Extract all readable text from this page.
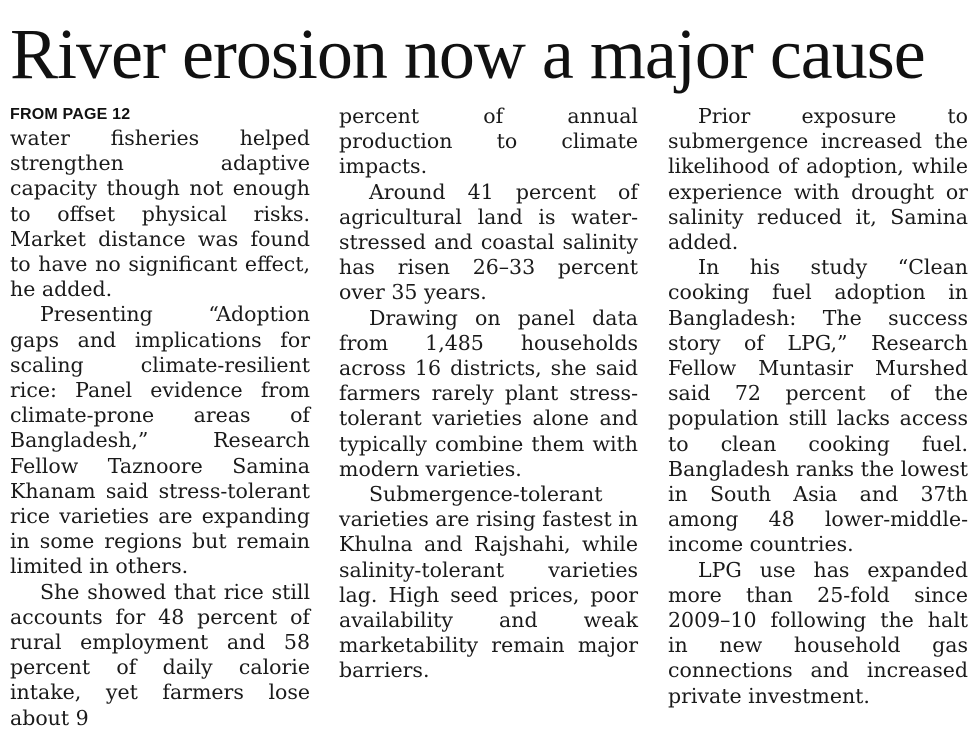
River erosion now a major cause
FROM PAGE 12

water fisheries helped strengthen adaptive capacity though not enough to offset physical risks. Market distance was found to have no significant effect, he added.

Presenting “Adoption gaps and implications for scaling climate-resilient rice: Panel evidence from climate-prone areas of Bangladesh,” Research Fellow Taznoore Samina Khanam said stress-tolerant rice varieties are expanding in some regions but remain limited in others.

She showed that rice still accounts for 48 percent of rural employment and 58 percent of daily calorie intake, yet farmers lose about 9

percent of annual production to climate impacts.

Around 41 percent of agricultural land is water-stressed and coastal salinity has risen 26–33 percent over 35 years.

Drawing on panel data from 1,485 households across 16 districts, she said farmers rarely plant stress-tolerant varieties alone and typically combine them with modern varieties.

Submergence-tolerant varieties are rising fastest in Khulna and Rajshahi, while salinity-tolerant varieties lag. High seed prices, poor availability and weak marketability remain major barriers.

Prior exposure to submergence increased the likelihood of adoption, while experience with drought or salinity reduced it, Samina added.

In his study “Clean cooking fuel adoption in Bangladesh: The success story of LPG,” Research Fellow Muntasir Murshed said 72 percent of the population still lacks access to clean cooking fuel. Bangladesh ranks the lowest in South Asia and 37th among 48 lower-middle-income countries.

LPG use has expanded more than 25-fold since 2009–10 following the halt in new household gas connections and increased private investment.
